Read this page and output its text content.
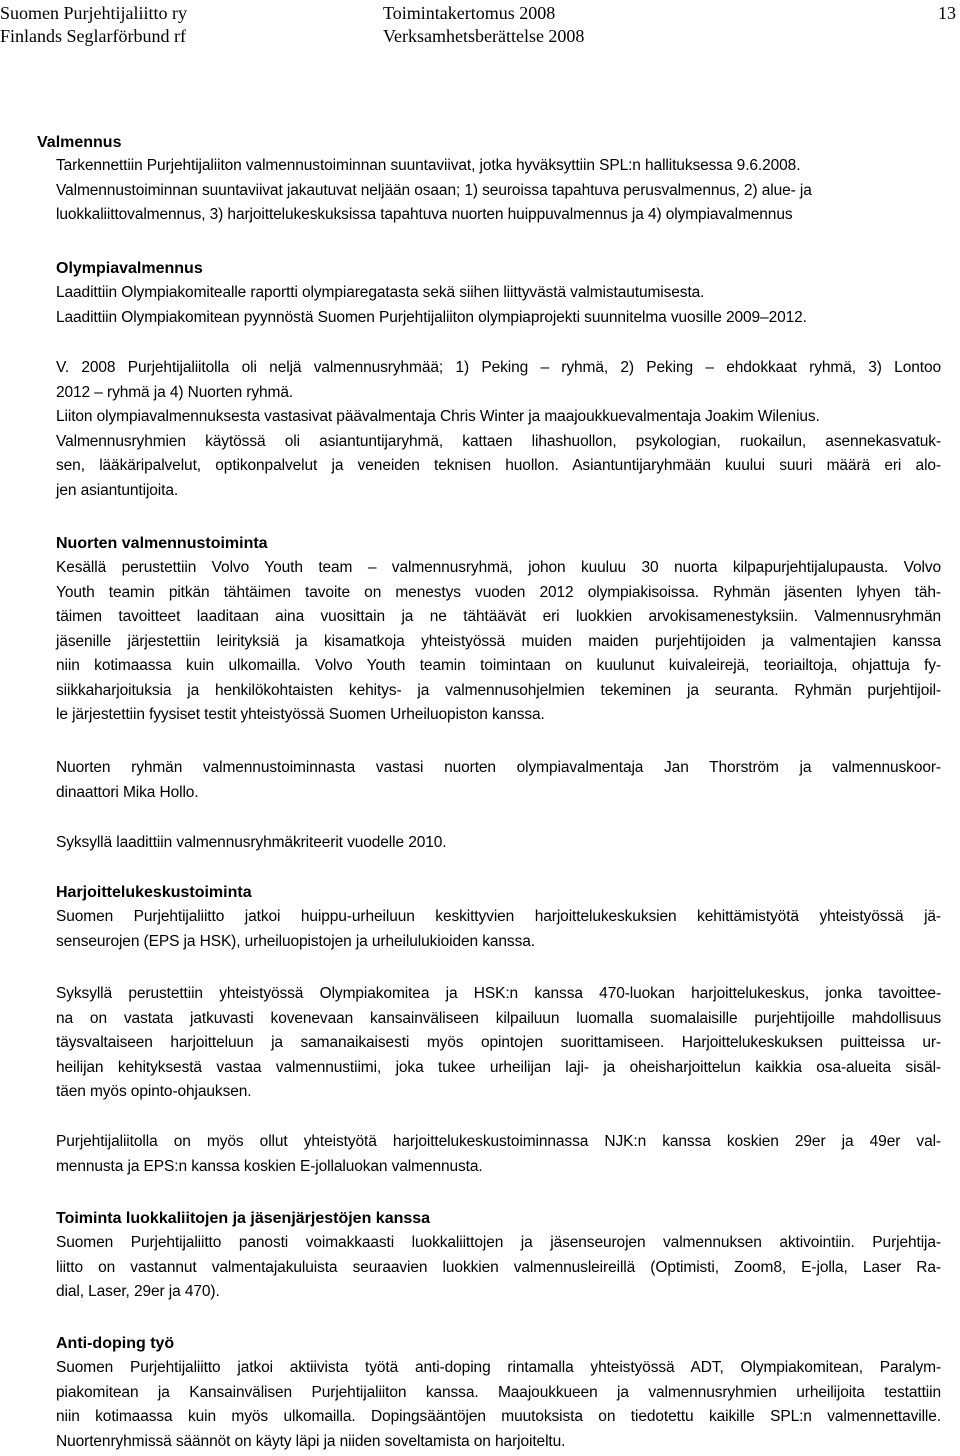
Suomen Purjehtijaliitto ry
Finlands Seglarförbund rf
Toimintakertomus 2008
Verksamhetsberättelse 2008
13
Valmennus
Tarkennettiin Purjehtijaliiton valmennustoiminnan suuntaviivat, jotka hyväksyttiin SPL:n hallituksessa 9.6.2008.
Valmennustoiminnan suuntaviivat jakautuvat neljään osaan; 1) seuroissa tapahtuva perusvalmennus, 2) alue- ja
luokkaliittovalmennus, 3) harjoittelukeskuksissa tapahtuva nuorten huippuvalmennus ja 4) olympiavalmennus
Olympiavalmennus
Laadittiin Olympiakomitealle raportti olympiaregatasta sekä siihen liittyvästä valmistautumisesta.
Laadittiin Olympiakomitean pyynnöstä Suomen Purjehtijaliiton olympiaprojekti suunnitelma vuosille 2009–2012.
V. 2008 Purjehtijaliitolla oli neljä valmennusryhmää; 1) Peking – ryhmä, 2) Peking – ehdokkaat ryhmä, 3) Lontoo
2012 – ryhmä ja 4) Nuorten ryhmä.
Liiton olympiavalmennuksesta vastasivat päävalmentaja Chris Winter ja maajoukkuevalmentaja Joakim Wilenius.
Valmennusryhmien käytössä oli asiantuntijaryhmä, kattaen lihashuollon, psykologian, ruokailun, asennekasvatuk-
sen, lääkäripalvelut, optikonpalvelut ja veneiden teknisen huollon. Asiantuntijaryhmään kuului suuri määrä eri alo-
jen asiantuntijoita.
Nuorten valmennustoiminta
Kesällä perustettiin Volvo Youth team – valmennusryhmä, johon kuuluu 30 nuorta kilpapurjehtijalupausta. Volvo
Youth teamin pitkän tähtäimen tavoite on menestys vuoden 2012 olympiakisoissa. Ryhmän jäsenten lyhyen täh-
täimen tavoitteet laaditaan aina vuosittain ja ne tähtäävät eri luokkien arvokisamenestyksiin. Valmennusryhmän
jäsenille järjestettiin leirityksiä ja kisamatkoja yhteistyössä muiden maiden purjehtijoiden ja valmentajien kanssa
niin kotimaassa kuin ulkomailla. Volvo Youth teamin toimintaan on kuulunut kuivaleirejä, teoriailtoja, ohjattuja fy-
siikkaharjoituksia ja henkilökohtaisten kehitys- ja valmennusohjelmien tekeminen ja seuranta. Ryhmän purjehtijoil-
le järjestettiin fyysiset testit yhteistyössä Suomen Urheiluopiston kanssa.
Nuorten ryhmän valmennustoiminnasta vastasi nuorten olympiavalmentaja Jan Thorström ja valmennuskoor-
dinaattori Mika Hollo.
Syksyllä laadittiin valmennusryhmäkriteerit vuodelle 2010.
Harjoittelukeskustoiminta
Suomen Purjehtijaliitto jatkoi huippu-urheiluun keskittyvien harjoittelukeskuksien kehittämistyötä yhteistyössä jä-
senseurojen (EPS ja HSK), urheiluopistojen ja urheilulukioiden kanssa.
Syksyllä perustettiin yhteistyössä Olympiakomitea ja HSK:n kanssa 470-luokan harjoittelukeskus, jonka tavoittee-
na on vastata jatkuvasti kovenevaan kansainväliseen kilpailuun luomalla suomalaisille purjehtijoille mahdollisuus
täysvaltaiseen harjoitteluun ja samanaikaisesti myös opintojen suorittamiseen. Harjoittelukeskuksen puitteissa ur-
heilijan kehityksestä vastaa valmennustiimi, joka tukee urheilijan laji- ja oheisharjoittelun kaikkia osa-alueita sisäl-
täen myös opinto-ohjauksen.
Purjehtijaliitolla on myös ollut yhteistyötä harjoittelukeskustoiminnassa NJK:n kanssa koskien 29er ja 49er val-
mennusta ja EPS:n kanssa koskien E-jollaluokan valmennusta.
Toiminta luokkaliitojen ja jäsenjärjestöjen kanssa
Suomen Purjehtijaliitto panosti voimakkaasti luokkaliittojen ja jäsenseurojen valmennuksen aktivointiin. Purjehtija-
liitto on vastannut valmentajakuluista seuraavien luokkien valmennusleireillä (Optimisti, Zoom8, E-jolla, Laser Ra-
dial, Laser, 29er ja 470).
Anti-doping työ
Suomen Purjehtijaliitto jatkoi aktiivista työtä anti-doping rintamalla yhteistyössä ADT, Olympiakomitean, Paralym-
piakomitean ja Kansainvälisen Purjehtijaliiton kanssa. Maajoukkueen ja valmennusryhmien urheilijoita testattiin
niin kotimaassa kuin myös ulkomailla. Dopingsääntöjen muutoksista on tiedotettu kaikille SPL:n valmennettaville.
Nuortenryhmissä säännöt on käyty läpi ja niiden soveltamista on harjoiteltu.
